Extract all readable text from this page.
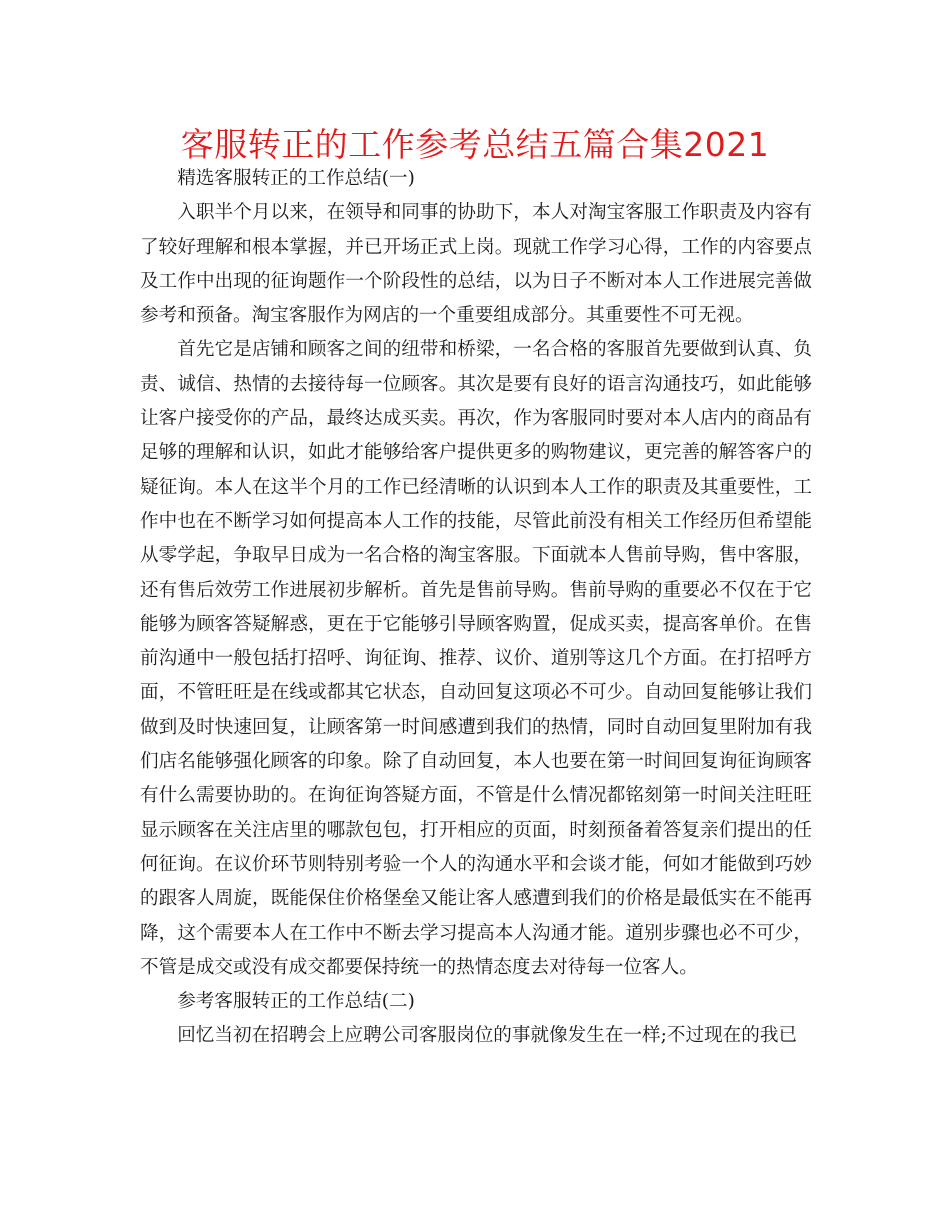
客服转正的工作参考总结五篇合集2021

精选客服转正的工作总结(一)

入职半个月以来，在领导和同事的协助下，本人对淘宝客服工作职责及内容有了较好理解和根本掌握，并已开场正式上岗。现就工作学习心得，工作的内容要点及工作中出现的征询题作一个阶段性的总结，以为日子不断对本人工作进展完善做参考和预备。淘宝客服作为网店的一个重要组成部分。其重要性不可无视。

首先它是店铺和顾客之间的纽带和桥梁，一名合格的客服首先要做到认真、负责、诚信、热情的去接待每一位顾客。其次是要有良好的语言沟通技巧，如此能够让客户接受你的产品，最终达成买卖。再次，作为客服同时要对本人店内的商品有足够的理解和认识，如此才能够给客户提供更多的购物建议，更完善的解答客户的疑征询。本人在这半个月的工作已经清晰的认识到本人工作的职责及其重要性，工作中也在不断学习如何提高本人工作的技能，尽管此前没有相关工作经历但希望能从零学起，争取早日成为一名合格的淘宝客服。下面就本人售前导购，售中客服，还有售后效劳工作进展初步解析。首先是售前导购。售前导购的重要必不仅在于它能够为顾客答疑解惑，更在于它能够引导顾客购置，促成买卖，提高客单价。在售前沟通中一般包括打招呼、询征询、推荐、议价、道别等这几个方面。在打招呼方面，不管旺旺是在线或都其它状态，自动回复这项必不可少。自动回复能够让我们做到及时快速回复，让顾客第一时间感遭到我们的热情，同时自动回复里附加有我们店名能够强化顾客的印象。除了自动回复，本人也要在第一时间回复询征询顾客有什么需要协助的。在询征询答疑方面，不管是什么情况都铭刻第一时间关注旺旺显示顾客在关注店里的哪款包包，打开相应的页面，时刻预备着答复亲们提出的任何征询。在议价环节则特别考验一个人的沟通水平和会谈才能，何如才能做到巧妙的跟客人周旋，既能保住价格堡垒又能让客人感遭到我们的价格是最低实在不能再降，这个需要本人在工作中不断去学习提高本人沟通才能。道别步骤也必不可少，不管是成交或没有成交都要保持统一的热情态度去对待每一位客人。

参考客服转正的工作总结(二)

回忆当初在招聘会上应聘公司客服岗位的事就像发生在一样;不过现在的我已
